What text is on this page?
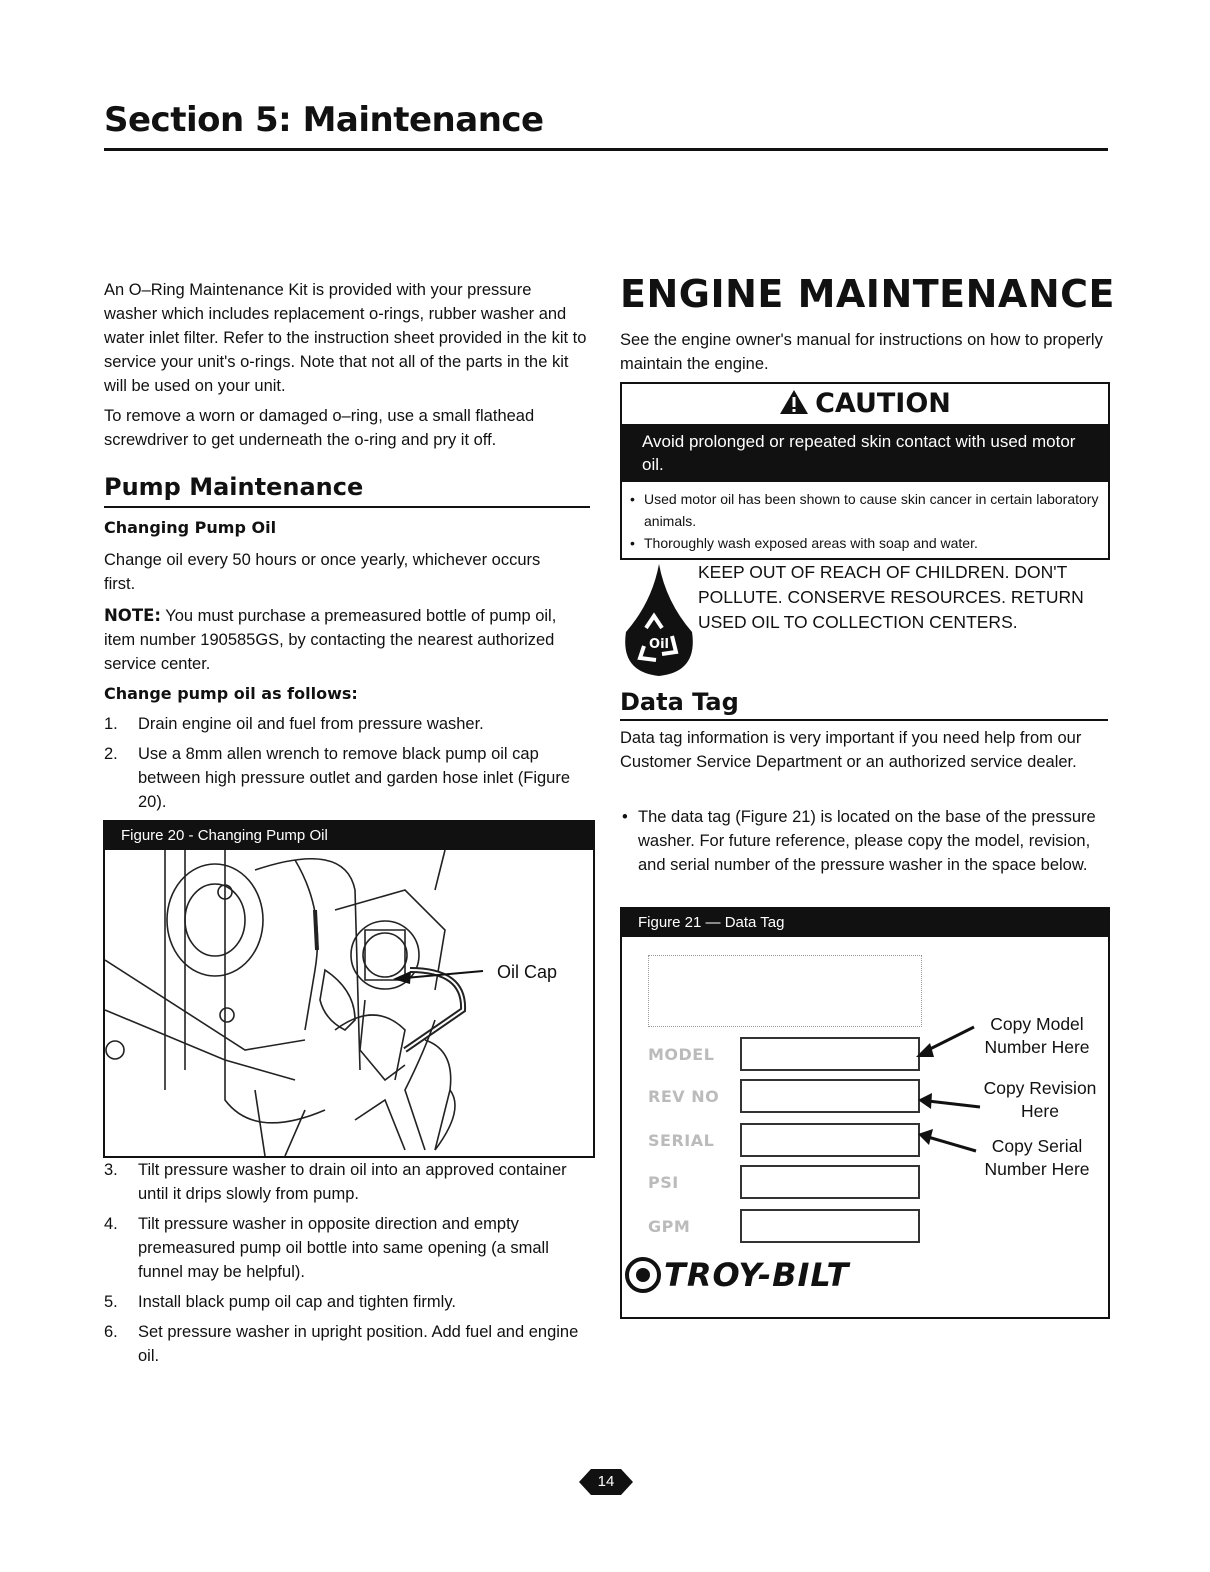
Section 5: Maintenance

An O–Ring Maintenance Kit is provided with your pressure washer which includes replacement o-rings, rubber washer and water inlet filter. Refer to the instruction sheet provided in the kit to service your unit's o-rings. Note that not all of the parts in the kit will be used on your unit.

To remove a worn or damaged o–ring, use a small flathead screwdriver to get underneath the o-ring and pry it off.

Pump Maintenance
Changing Pump Oil

Change oil every 50 hours or once yearly, whichever occurs first.

NOTE: You must purchase a premeasured bottle of pump oil, item number 190585GS, by contacting the nearest authorized service center.

Change pump oil as follows:
1. Drain engine oil and fuel from pressure washer.
2. Use a 8mm allen wrench to remove black pump oil cap between high pressure outlet and garden hose inlet (Figure 20).
Figure 20 - Changing Pump Oil
Oil Cap
3. Tilt pressure washer to drain oil into an approved container until it drips slowly from pump.
4. Tilt pressure washer in opposite direction and empty premeasured pump oil bottle into same opening (a small funnel may be helpful).
5. Install black pump oil cap and tighten firmly.
6. Set pressure washer in upright position. Add fuel and engine oil.
ENGINE MAINTENANCE

See the engine owner's manual for instructions on how to properly maintain the engine.

CAUTION
Avoid prolonged or repeated skin contact with used motor oil.
• Used motor oil has been shown to cause skin cancer in certain laboratory animals.
• Thoroughly wash exposed areas with soap and water.
Oil

KEEP OUT OF REACH OF CHILDREN. DON'T POLLUTE. CONSERVE RESOURCES. RETURN USED OIL TO COLLECTION CENTERS.

Data Tag

Data tag information is very important if you need help from our Customer Service Department or an authorized service dealer.

• The data tag (Figure 21) is located on the base of the pressure washer. For future reference, please copy the model, revision, and serial number of the pressure washer in the space below.
Figure 21 — Data Tag
MODEL
REV NO
SERIAL
PSI
GPM
Copy Model Number Here
Copy Revision Here
Copy Serial Number Here
TROY-BILT
14
